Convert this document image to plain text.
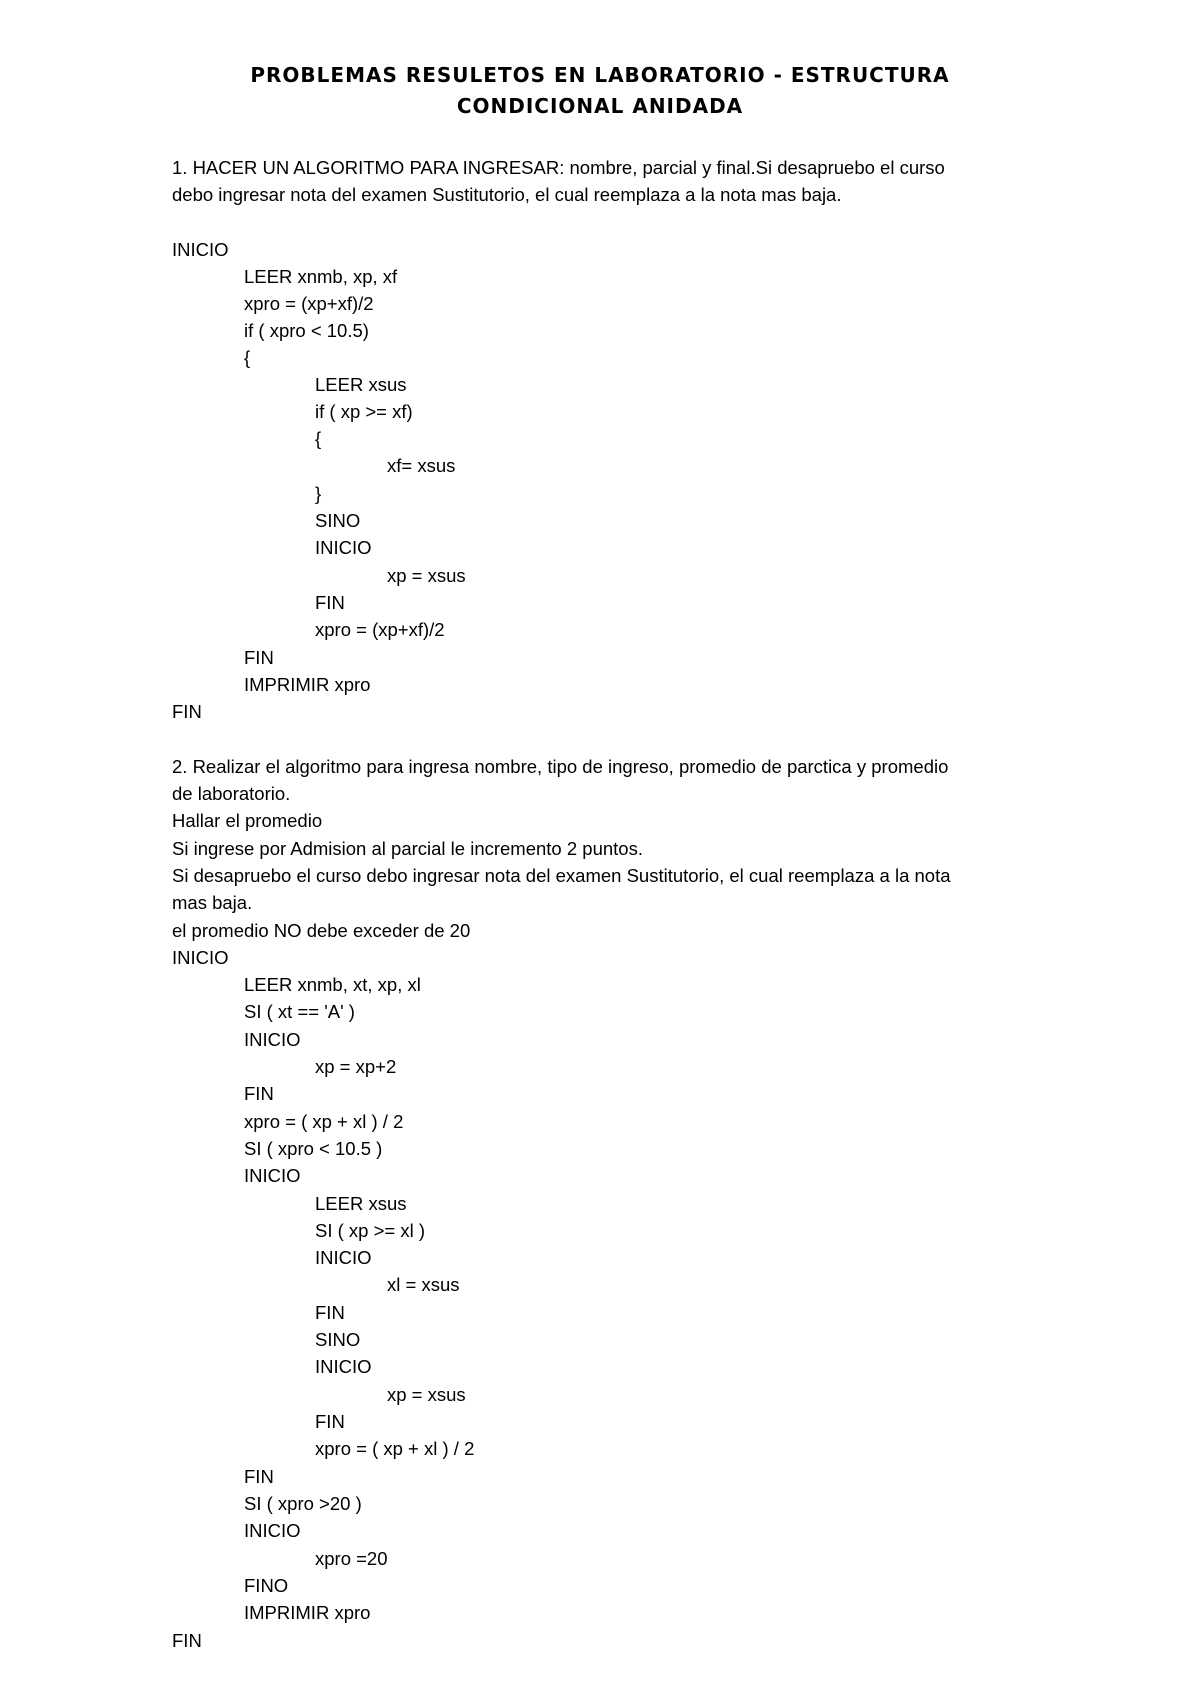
PROBLEMAS RESULETOS EN LABORATORIO - ESTRUCTURA
CONDICIONAL ANIDADA
1. HACER UN ALGORITMO PARA INGRESAR: nombre, parcial y final.Si desapruebo el curso
debo ingresar nota del examen Sustitutorio, el cual reemplaza a la nota mas baja.
INICIO
LEER xnmb, xp, xf
xpro = (xp+xf)/2
if ( xpro < 10.5)
{
LEER xsus
if ( xp >= xf)
{
xf= xsus
}
SINO
INICIO
xp = xsus
FIN
xpro = (xp+xf)/2
FIN
IMPRIMIR xpro
FIN
2. Realizar el algoritmo para ingresa nombre, tipo de ingreso, promedio de parctica y promedio
de laboratorio.
Hallar el promedio
Si ingrese por Admision al parcial le incremento 2 puntos.
Si desapruebo el curso debo ingresar nota del examen Sustitutorio, el cual reemplaza a la nota
mas baja.
el promedio NO debe exceder de 20
INICIO
LEER xnmb, xt, xp, xl
SI ( xt == 'A' )
INICIO
xp = xp+2
FIN
xpro = ( xp + xl ) / 2
SI ( xpro < 10.5 )
INICIO
LEER xsus
SI ( xp >= xl )
INICIO
xl = xsus
FIN
SINO
INICIO
xp = xsus
FIN
xpro = ( xp + xl ) / 2
FIN
SI ( xpro >20 )
INICIO
xpro =20
FINO
IMPRIMIR xpro
FIN
